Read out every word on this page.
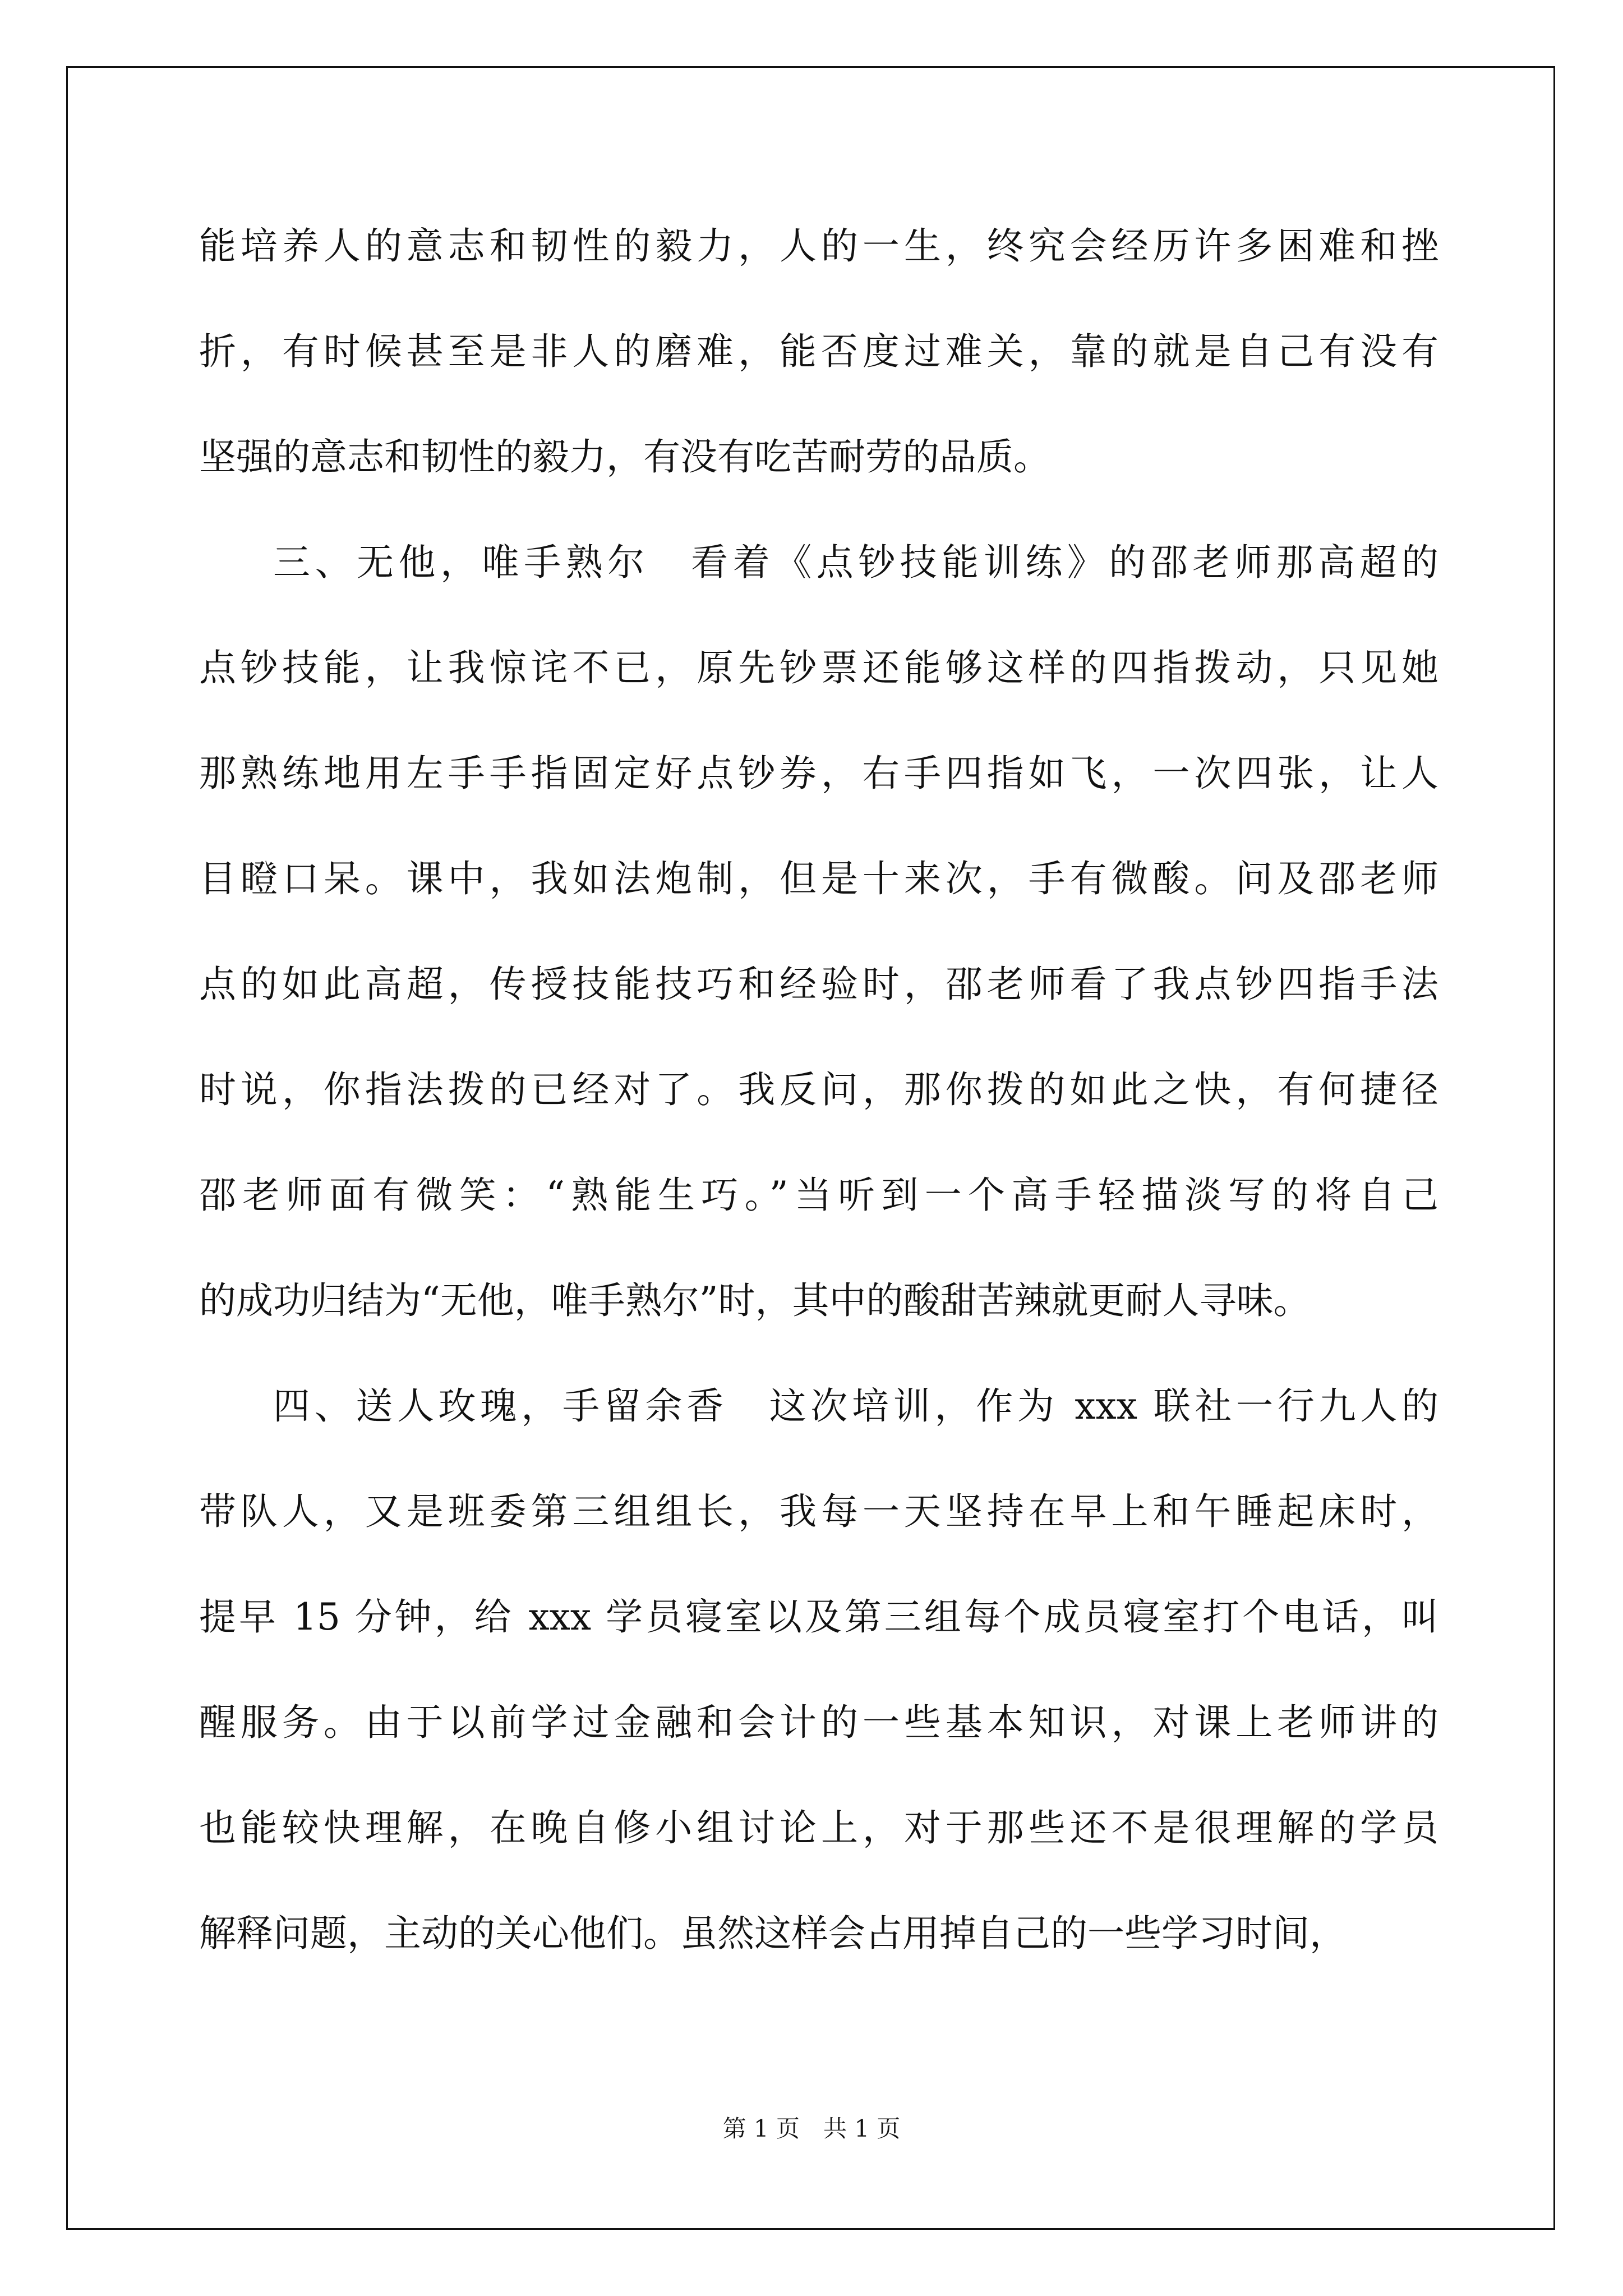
能培养人的意志和韧性的毅力，人的一生，终究会经历许多困难和挫
折，有时候甚至是非人的磨难，能否度过难关，靠的就是自己有没有
坚强的意志和韧性的毅力，有没有吃苦耐劳的品质。
三、无他，唯手熟尔　看着《点钞技能训练》的邵老师那高超的
点钞技能，让我惊诧不已，原先钞票还能够这样的四指拨动，只见她
那熟练地用左手手指固定好点钞券，右手四指如飞，一次四张，让人
目瞪口呆。课中，我如法炮制，但是十来次，手有微酸。问及邵老师
点的如此高超，传授技能技巧和经验时，邵老师看了我点钞四指手法
时说，你指法拨的已经对了。我反问，那你拨的如此之快，有何捷径
邵老师面有微笑：“熟能生巧。”当听到一个高手轻描淡写的将自己
的成功归结为“无他，唯手熟尔”时，其中的酸甜苦辣就更耐人寻味。
四、送人玫瑰，手留余香　这次培训，作为 xxx 联社一行九人的
带队人，又是班委第三组组长，我每一天坚持在早上和午睡起床时，
提早 15 分钟，给 xxx 学员寝室以及第三组每个成员寝室打个电话，叫
醒服务。由于以前学过金融和会计的一些基本知识，对课上老师讲的
也能较快理解，在晚自修小组讨论上，对于那些还不是很理解的学员
解释问题，主动的关心他们。虽然这样会占用掉自己的一些学习时间，
第 1 页　共 1 页
